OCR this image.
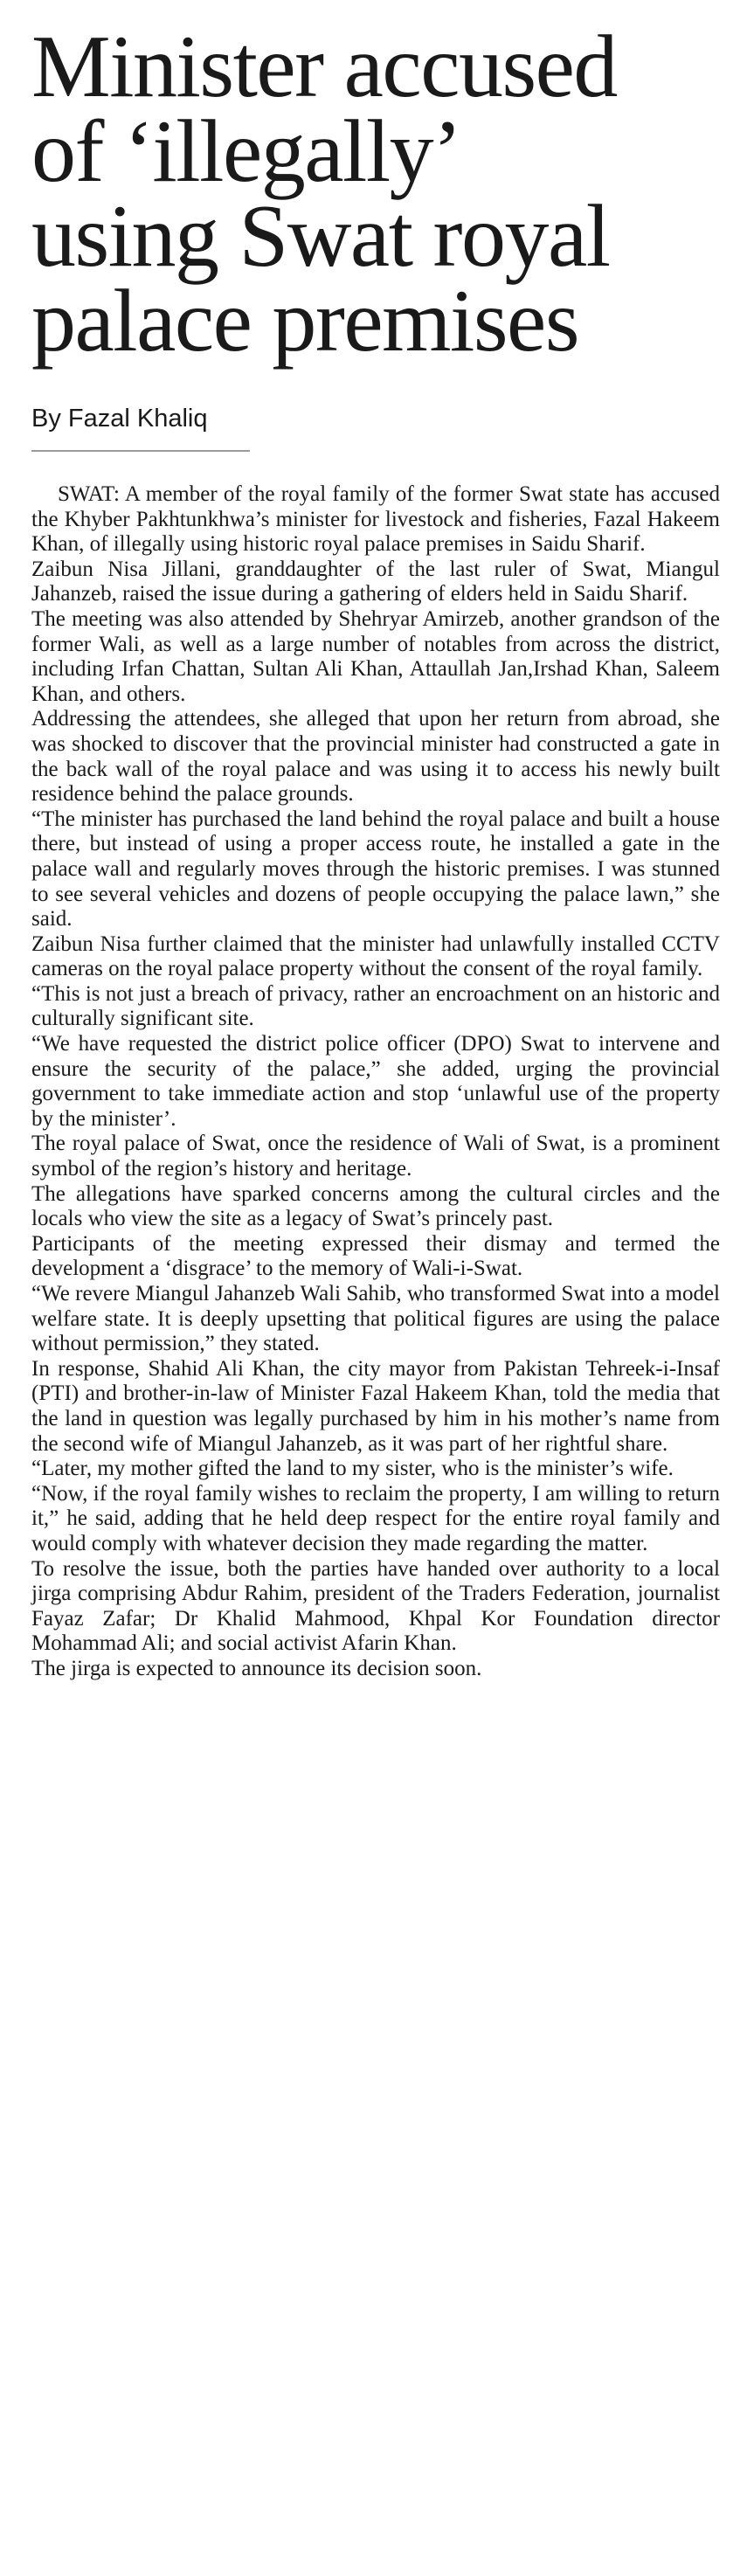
Minister accused
of ‘illegally’
using Swat royal
palace premises

By Fazal Khaliq

SWAT: A member of the royal family of the former Swat state has accused the Khyber Pakhtunkhwa’s minister for livestock and fisheries, Fazal Hakeem Khan, of illegally using historic royal palace premises in Saidu Sharif.

Zaibun Nisa Jillani, granddaughter of the last ruler of Swat, Miangul Jahanzeb, raised the issue during a gathering of elders held in Saidu Sharif.

The meeting was also attended by Shehryar Amirzeb, another grandson of the former Wali, as well as a large number of notables from across the district, including Irfan Chattan, Sultan Ali Khan, Attaullah Jan,Irshad Khan, Saleem Khan, and others.

Addressing the attendees, she alleged that upon her return from abroad, she was shocked to discover that the provincial minister had constructed a gate in the back wall of the royal palace and was using it to access his newly built residence behind the palace grounds.

“The minister has purchased the land behind the royal palace and built a house there, but instead of using a proper access route, he installed a gate in the palace wall and regularly moves through the historic premises. I was stunned to see several vehicles and dozens of people occupying the palace lawn,” she said.

Zaibun Nisa further claimed that the minister had unlawfully installed CCTV cameras on the royal palace property without the consent of the royal family.

“This is not just a breach of privacy, rather an encroachment on an historic and culturally significant site.

“We have requested the district police officer (DPO) Swat to intervene and ensure the security of the palace,” she added, urging the provincial government to take immediate action and stop ‘unlawful use of the property by the minister’.

The royal palace of Swat, once the residence of Wali of Swat, is a prominent symbol of the region’s history and heritage.

The allegations have sparked concerns among the cultural circles and the locals who view the site as a legacy of Swat’s princely past.

Participants of the meeting expressed their dismay and termed the development a ‘disgrace’ to the memory of Wali-i-Swat.

“We revere Miangul Jahanzeb Wali Sahib, who transformed Swat into a model welfare state. It is deeply upsetting that political figures are using the palace without permission,” they stated.

In response, Shahid Ali Khan, the city mayor from Pakistan Tehreek-i-Insaf (PTI) and brother-in-law of Minister Fazal Hakeem Khan, told the media that the land in question was legally purchased by him in his mother’s name from the second wife of Miangul Jahanzeb, as it was part of her rightful share.

“Later, my mother gifted the land to my sister, who is the minister’s wife.

“Now, if the royal family wishes to reclaim the property, I am willing to return it,” he said, adding that he held deep respect for the entire royal family and would comply with whatever decision they made regarding the matter.

To resolve the issue, both the parties have handed over authority to a local jirga comprising Abdur Rahim, president of the Traders Federation, journalist Fayaz Zafar; Dr Khalid Mahmood, Khpal Kor Foundation director Mohammad Ali; and social activist Afarin Khan.

The jirga is expected to announce its decision soon.
